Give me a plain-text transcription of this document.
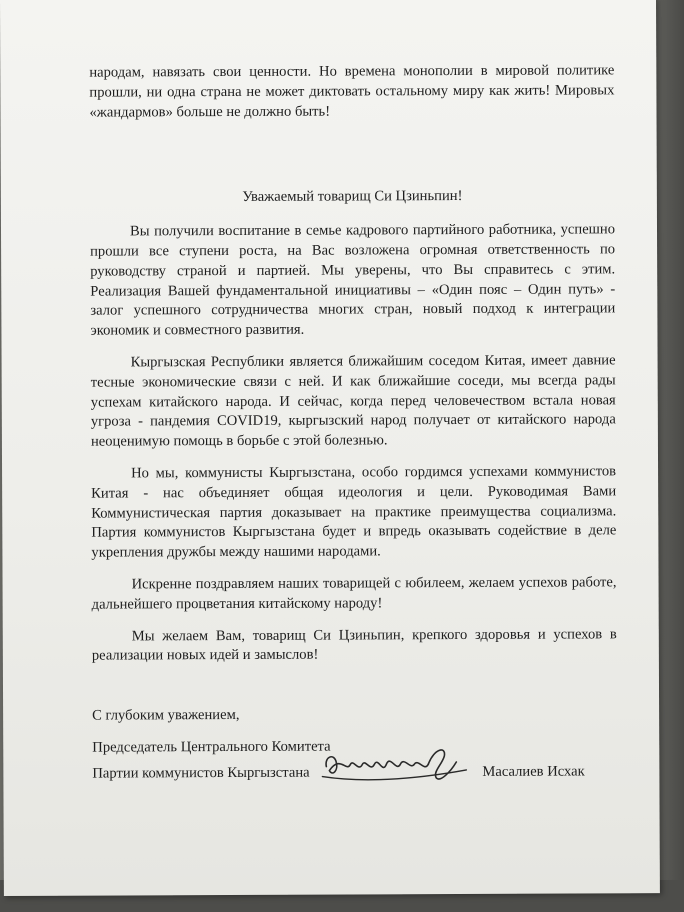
народам, навязать свои ценности. Но времена монополии в мировой политике прошли, ни одна страна не может диктовать остальному миру как жить! Мировых «жандармов» больше не должно быть!

Уважаемый товарищ Си Цзиньпин!

Вы получили воспитание в семье кадрового партийного работника, успешно прошли все ступени роста, на Вас возложена огромная ответственность по руководству страной и партией. Мы уверены, что Вы справитесь с этим. Реализация Вашей фундаментальной инициативы – «Один пояс – Один путь» - залог успешного сотрудничества многих стран, новый подход к интеграции экономик и совместного развития.

Кыргызская Республики является ближайшим соседом Китая, имеет давние тесные экономические связи с ней. И как ближайшие соседи, мы всегда рады успехам китайского народа. И сейчас, когда перед человечеством встала новая угроза - пандемия COVID19, кыргызский народ получает от китайского народа неоценимую помощь в борьбе с этой болезнью.

Но мы, коммунисты Кыргызстана, особо гордимся успехами коммунистов Китая - нас объединяет общая идеология и цели. Руководимая Вами Коммунистическая партия доказывает на практике преимущества социализма. Партия коммунистов Кыргызстана будет и впредь оказывать содействие в деле укрепления дружбы между нашими народами.

Искренне поздравляем наших товарищей с юбилеем, желаем успехов работе, дальнейшего процветания китайскому народу!

Мы желаем Вам, товарищ Си Цзиньпин, крепкого здоровья и успехов в реализации новых идей и замыслов!

С глубоким уважением,

Председатель Центрального Комитета

Партии коммунистов Кыргызстана	Масалиев Исхак
